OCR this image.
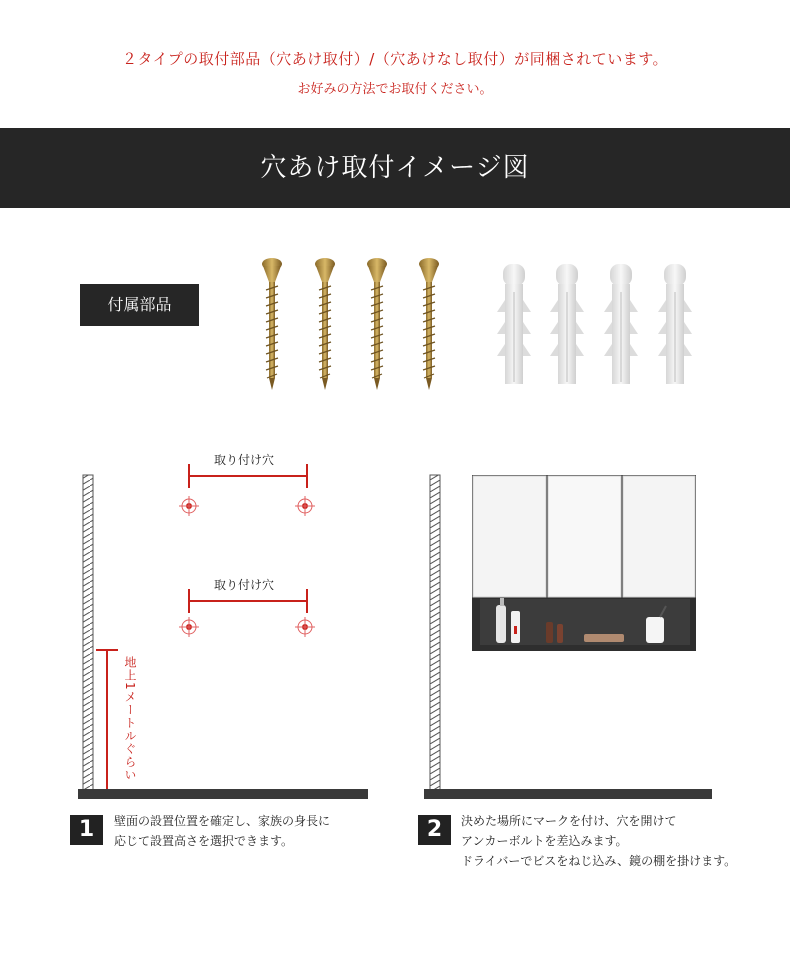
２タイプの取付部品（穴あけ取付）/（穴あけなし取付）が同梱されています。
お好みの方法でお取付ください。
穴あけ取付イメージ図
付属部品
取り付け穴
取り付け穴
地上1メートルぐらい
1	壁面の設置位置を確定し、家族の身長に
応じて設置高さを選択できます。	2	決めた場所にマークを付け、穴を開けて
アンカーボルトを差込みます。
ドライバーでビスをねじ込み、鏡の棚を掛けます。
